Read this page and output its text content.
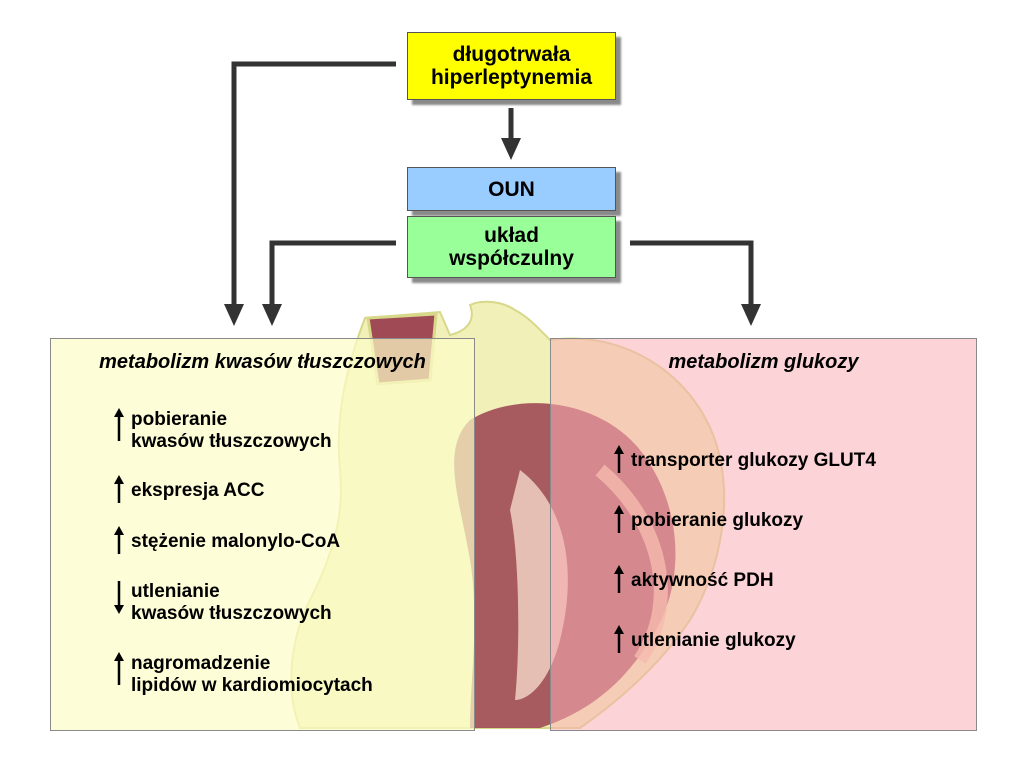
długotrwała
hiperleptynemia
OUN
układ
współczulny
metabolizm kwasów tłuszczowych
pobieranie
kwasów tłuszczowych
ekspresja ACC
stężenie malonylo-CoA
utlenianie
kwasów tłuszczowych
nagromadzenie
lipidów w kardiomiocytach
metabolizm glukozy
transporter glukozy GLUT4
pobieranie glukozy
aktywność PDH
utlenianie glukozy
